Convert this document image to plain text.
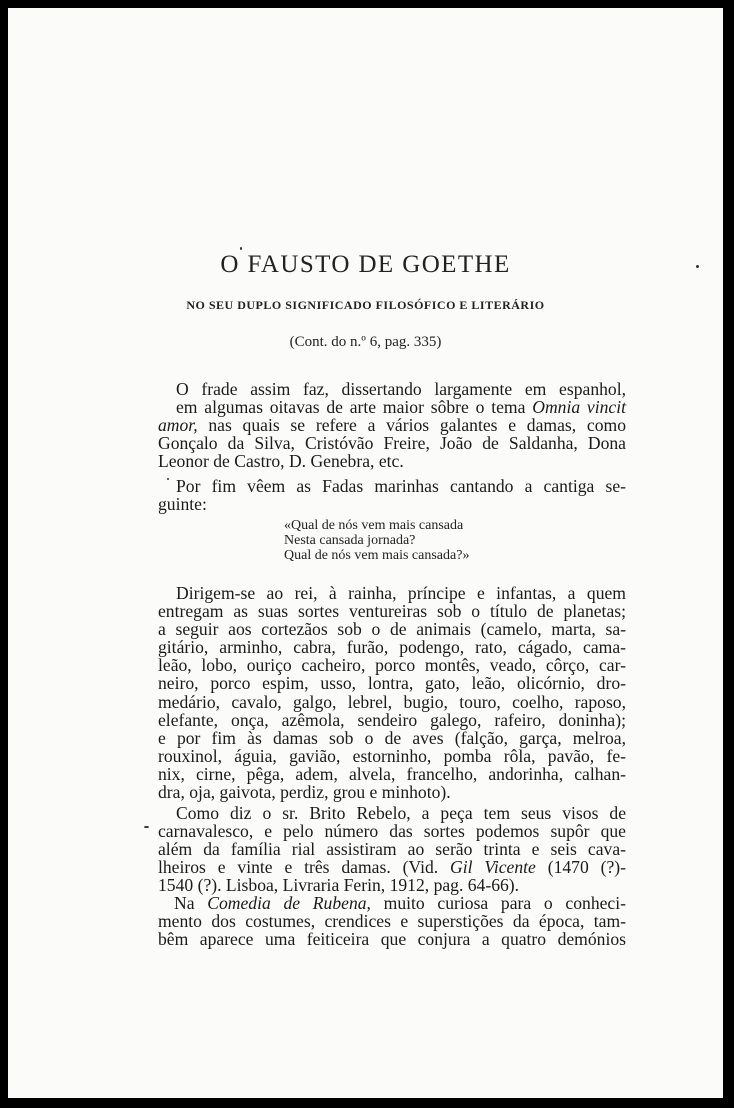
O FAUSTO DE GOETHE
NO SEU DUPLO SIGNIFICADO FILOSÓFICO E LITERÁRIO
(Cont. do n.º 6, pag. 335)

O frade assim faz, dissertando largamente em espanhol,

em algumas oitavas de arte maior sôbre o tema Omnia vincit

amor, nas quais se refere a vários galantes e damas, como

Gonçalo da Silva, Cristóvão Freire, João de Saldanha, Dona

Leonor de Castro, D. Genebra, etc.

Por fim vêem as Fadas marinhas cantando a cantiga se-

guinte:

«Qual de nós vem mais cansada
Nesta cansada jornada?
Qual de nós vem mais cansada?»

Dirigem-se ao rei, à rainha, príncipe e infantas, a quem

entregam as suas sortes ventureiras sob o título de planetas;

a seguir aos cortezãos sob o de animais (camelo, marta, sa-

gitário, arminho, cabra, furão, podengo, rato, cágado, cama-

leão, lobo, ouriço cacheiro, porco montês, veado, côrço, car-

neiro, porco espim, usso, lontra, gato, leão, olicórnio, dro-

medário, cavalo, galgo, lebrel, bugio, touro, coelho, raposo,

elefante, onça, azêmola, sendeiro galego, rafeiro, doninha);

e por fim às damas sob o de aves (falção, garça, melroa,

rouxinol, águia, gavião, estorninho, pomba rôla, pavão, fe-

nix, cirne, pêga, adem, alvela, francelho, andorinha, calhan-

dra, oja, gaivota, perdiz, grou e minhoto).

Como diz o sr. Brito Rebelo, a peça tem seus visos de

carnavalesco, e pelo número das sortes podemos supôr que

além da família rial assistiram ao serão trinta e seis cava-

lheiros e vinte e três damas. (Vid. Gil Vicente (1470 (?)-

1540 (?). Lisboa, Livraria Ferin, 1912, pag. 64-66).

Na Comedia de Rubena, muito curiosa para o conheci-

mento dos costumes, crendices e superstições da época, tam-

bêm aparece uma feiticeira que conjura a quatro demónios
